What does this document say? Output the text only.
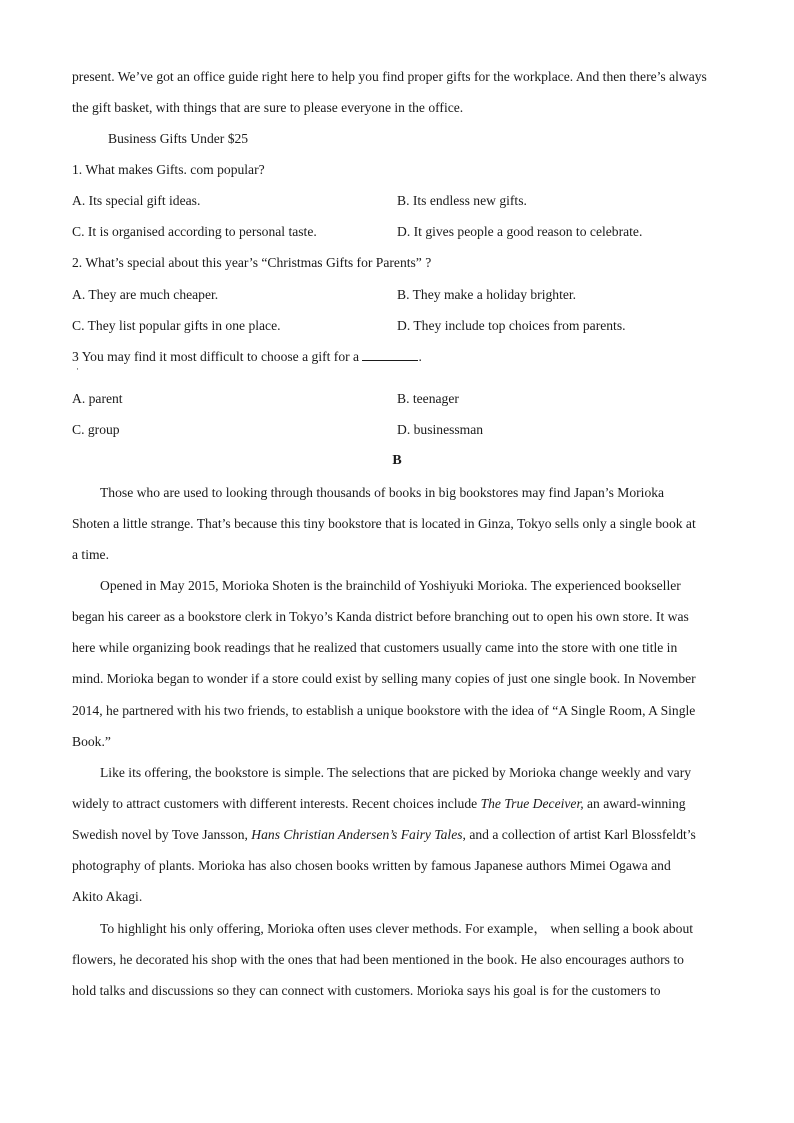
present. We’ve got an office guide right here to help you find proper gifts for the workplace. And then there’s always
the gift basket, with things that are sure to please everyone in the office.
Business Gifts Under $25
1. What makes Gifts. com popular?
A. Its special gift ideas.	B. Its endless new gifts.
C. It is organised according to personal taste.	D. It gives people a good reason to celebrate.
2. What’s special about this year’s “Christmas Gifts for Parents” ?
A. They are much cheaper.	B. They make a holiday brighter.
C. They list popular gifts in one place.	D. They include top choices from parents.
3 You may find it most difficult to choose a gift for a	.
·
A. parent	B. teenager
C. group	D. businessman
B
Those who are used to looking through thousands of books in big bookstores may find Japan’s Morioka
Shoten a little strange. That’s because this tiny bookstore that is located in Ginza, Tokyo sells only a single book at
a time.
Opened in May 2015, Morioka Shoten is the brainchild of Yoshiyuki Morioka. The experienced bookseller
began his career as a bookstore clerk in Tokyo’s Kanda district before branching out to open his own store. It was
here while organizing book readings that he realized that customers usually came into the store with one title in
mind. Morioka began to wonder if a store could exist by selling many copies of just one single book. In November
2014, he partnered with his two friends, to establish a unique bookstore with the idea of “A Single Room, A Single
Book.”
Like its offering, the bookstore is simple. The selections that are picked by Morioka change weekly and vary
widely to attract customers with different interests. Recent choices include The True Deceiver, an award-winning
Swedish novel by Tove Jansson, Hans Christian Andersen’s Fairy Tales, and a collection of artist Karl Blossfeldt’s
photography of plants. Morioka has also chosen books written by famous Japanese authors Mimei Ogawa and
Akito Akagi.
To highlight his only offering, Morioka often uses clever methods. For example， when selling a book about
flowers, he decorated his shop with the ones that had been mentioned in the book. He also encourages authors to
hold talks and discussions so they can connect with customers. Morioka says his goal is for the customers to
